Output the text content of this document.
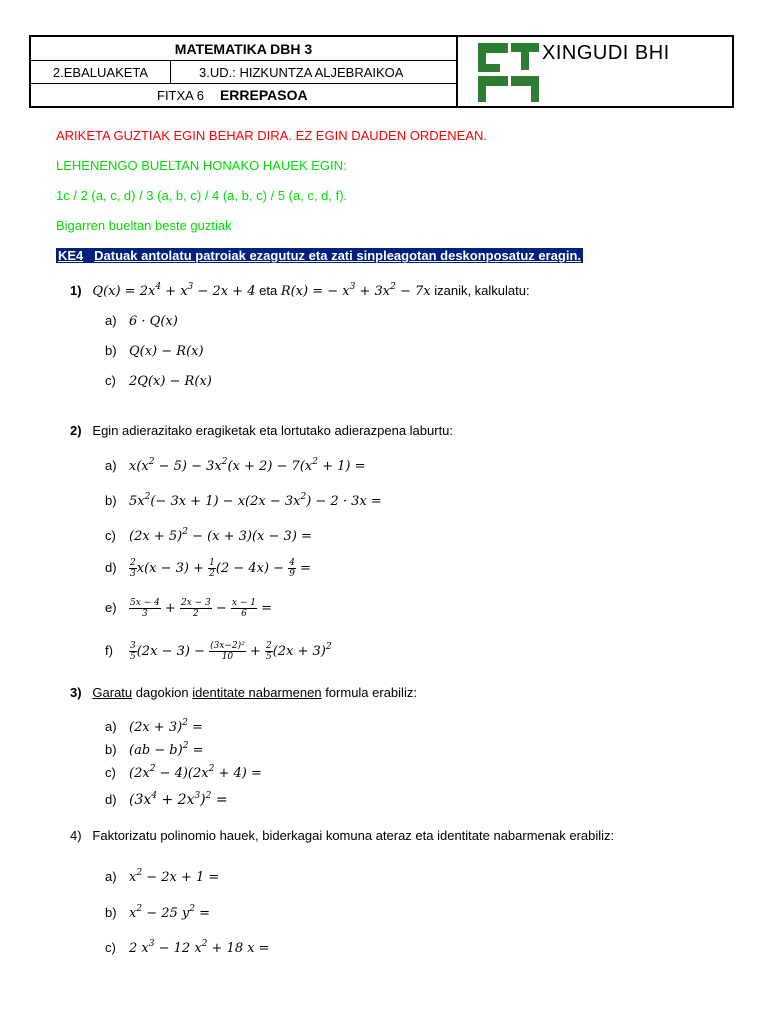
MATEMATIKA DBH 3
2.EBALUAKETA	3.UD.: HIZKUNTZA ALJEBRAIKOA
FITXA 6 ERREPASOA
XINGUDI BHI
ARIKETA GUZTIAK EGIN BEHAR DIRA. EZ EGIN DAUDEN ORDENEAN.
LEHENENGO BUELTAN HONAKO HAUEK EGIN:
1c / 2 (a, c, d) / 3 (a, b, c) / 4 (a, b, c) / 5 (a, c, d, f).
Bigarren bueltan beste guztiak
KE4 Datuak antolatu patroiak ezagutuz eta zati sinpleagotan deskonposatuz eragin.
1) $Q(x) = 2x^4 + x^3 - 2x + 4$ eta R(x) = − $x^3 + 3x^2 - 7x$ izanik, kalkulatu:
a) 6 · Q(x)
b) Q(x) − R(x)
c) 2Q(x) − R(x)
2) Egin adierazitako eragiketak eta lortutako adierazpena laburtu:
a) $x(x^2 - 5) - 3x^2(x + 2) - 7(x^2 + 1)$ =
b) $5x^2(- 3x + 1) - x(2x - 3x^2) - 2 \cdot 3x$ =
c) $(2x + 5)^2 - (x + 3)(x - 3)$ =
$d) \frac{2}{3} x(x - 3) + \frac{1}{2} (2 - 4x) - \frac{4}{9}$ =
$e) \frac{5x - 4}{3} + \frac{2x - 3}{2} - \frac{x - 1}{6}$ =
$f) \frac{3}{5} (2x - 3) - \frac{\text{(3x−2)²}}{10} + \frac{2}{5} (2x + 3)^2$
3) Garatu dagokion identitate nabarmenen formula erabiliz:
a) $(2x + 3)^2$ =
b) (ab − b)$^2$ =
c) $(2x^2 - 4)(2x^2 + 4)$ =
d) $(3x^4 + 2x^3)^2$ =
4) Faktorizatu polinomio hauek, biderkagai komuna ateraz eta identitate nabarmenak erabiliz:
a) $x^2 - 2x + 1$ =
b) $x^2 - 25$ $y^2$ =
c) 2 $x^3 - 12$ $x^2 + 18$ x =
